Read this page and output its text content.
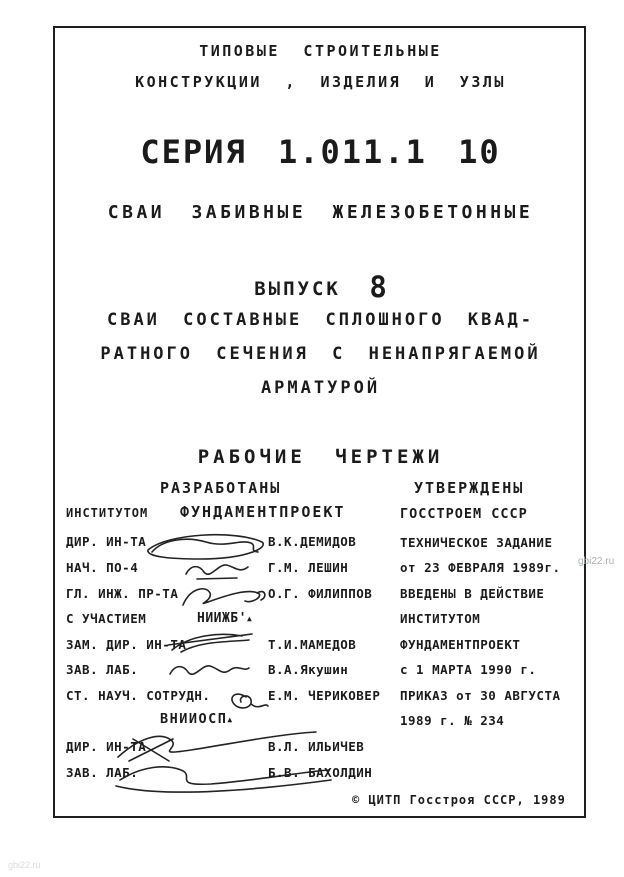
ТИПОВЫЕ СТРОИТЕЛЬНЫЕ
КОНСТРУКЦИИ , ИЗДЕЛИЯ И УЗЛЫ
СЕРИЯ 1.011.1 10
СВАИ ЗАБИВНЫЕ ЖЕЛЕЗОБЕТОННЫЕ
ВЫПУСК 8
СВАИ СОСТАВНЫЕ СПЛОШНОГО КВАД-
РАТНОГО СЕЧЕНИЯ С НЕНАПРЯГАЕМОЙ
АРМАТУРОЙ
РАБОЧИЕ ЧЕРТЕЖИ
РАЗРАБОТАНЫ	УТВЕРЖДЕНЫ
ИНСТИТУТОМ ФУНДАМЕНТПРОЕКТ
ДИР. ИН-ТА	В.К.ДЕМИДОВ
НАЧ. ПО-4	Г.М. ЛЕШИН
ГЛ. ИНЖ. ПР-ТА	О.Г. ФИЛИППОВ
С УЧАСТИЕМ	НИИЖБ'▲
ЗАМ. ДИР. ИН-ТА	Т.И.МАМЕДОВ
ЗАВ. ЛАБ.	В.А.Якушин
СТ. НАУЧ. СОТРУДН.	Е.М. ЧЕРИКОВЕР
ВНИИОСП▲
ДИР. ИН-ТА	В.Л. ИЛЬИЧЕВ
ЗАВ. ЛАБ.	Б.В. БАХОЛДИН
ГОССТРОЕМ СССР
ТЕХНИЧЕСКОЕ ЗАДАНИЕ
от 23 ФЕВРАЛЯ 1989г.
ВВЕДЕНЫ В ДЕЙСТВИЕ
ИНСТИТУТОМ
ФУНДАМЕНТПРОЕКТ
с 1 МАРТА 1990 г.
ПРИКАЗ от 30 АВГУСТА
1989 г. № 234
© ЦИТП Госстроя СССР, 1989
gbi22.ru
gbi22.ru
